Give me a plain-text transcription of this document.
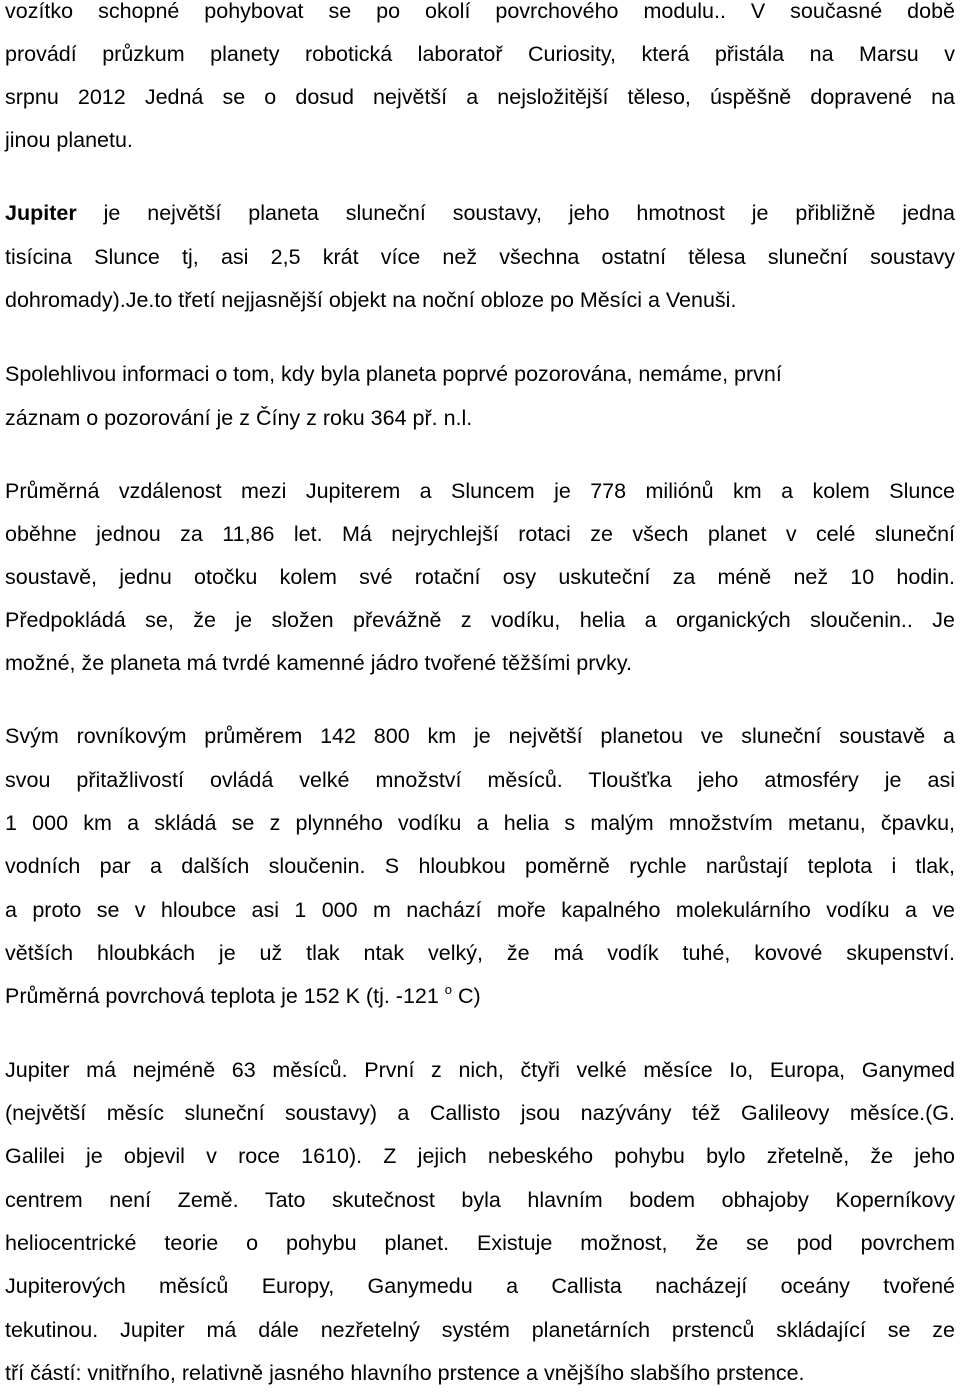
vozítko schopné pohybovat se po okolí povrchového modulu.. V současné době
provádí průzkum planety robotická laboratoř Curiosity, která přistála na Marsu v
srpnu 2012 Jedná se o dosud největší a nejsložitější těleso, úspěšně dopravené na
jinou planetu.
Jupiter je největší planeta sluneční soustavy, jeho hmotnost je přibližně jedna
tisícina Slunce tj, asi 2,5 krát více než všechna ostatní tělesa sluneční soustavy
dohromady).Je.to třetí nejjasnější objekt na noční obloze po Měsíci a Venuši.
Spolehlivou informaci o tom, kdy byla planeta poprvé pozorována, nemáme, první
záznam o pozorování je z Číny z roku 364 př. n.l.
Průměrná vzdálenost mezi Jupiterem a Sluncem je 778 miliónů km a kolem Slunce
oběhne jednou za 11,86 let. Má nejrychlejší rotaci ze všech planet v celé sluneční
soustavě, jednu otočku kolem své rotační osy uskuteční za méně než 10 hodin.
Předpokládá se, že je složen převážně z vodíku, helia a organických sloučenin.. Je
možné, že planeta má tvrdé kamenné jádro tvořené těžšími prvky.
Svým rovníkovým průměrem 142 800 km je největší planetou ve sluneční soustavě a
svou přitažlivostí ovládá velké množství měsíců. Tloušťka jeho atmosféry je asi
1 000 km a skládá se z plynného vodíku a helia s malým množstvím metanu, čpavku,
vodních par a dalších sloučenin. S hloubkou poměrně rychle narůstají teplota i tlak,
a proto se v hloubce asi 1 000 m nachází moře kapalného molekulárního vodíku a ve
větších hloubkách je už tlak ntak velký, že má vodík tuhé, kovové skupenství.
Průměrná povrchová teplota je 152 K (tj. -121 $^o$ C)
Jupiter má nejméně 63 měsíců. První z nich, čtyři velké měsíce Io, Europa, Ganymed
(největší měsíc sluneční soustavy) a Callisto jsou nazývány též Galileovy měsíce.(G.
Galilei je objevil v roce 1610). Z jejich nebeského pohybu bylo zřetelně, že jeho
centrem není Země. Tato skutečnost byla hlavním bodem obhajoby Koperníkovy
heliocentrické teorie o pohybu planet. Existuje možnost, že se pod povrchem
Jupiterových měsíců Europy, Ganymedu a Callista nacházejí oceány tvořené
tekutinou. Jupiter má dále nezřetelný systém planetárních prstenců skládající se ze
tří částí: vnitřního, relativně jasného hlavního prstence a vnějšího slabšího prstence.
